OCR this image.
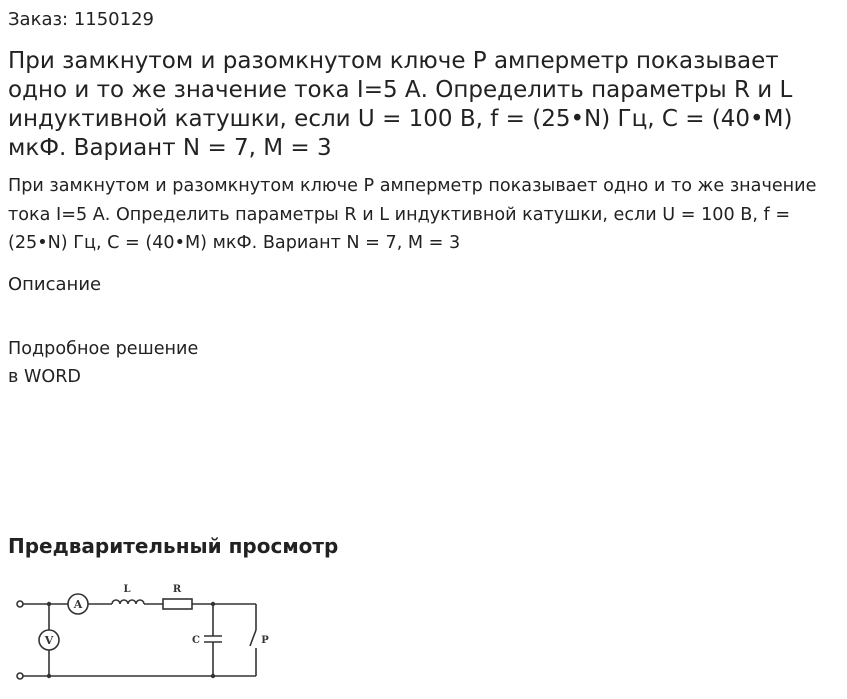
Заказ: 1150129
При замкнутом и разомкнутом ключе Р амперметр показывает одно и то же значение тока I=5 А. Определить параметры R и L индуктивной катушки, если U = 100 В, f = (25•N) Гц, С = (40•M) мкФ. Вариант N = 7, M = 3

При замкнутом и разомкнутом ключе Р амперметр показывает одно и то же значение тока I=5 А. Определить параметры R и L индуктивной катушки, если U = 100 В, f = (25•N) Гц, С = (40•M) мкФ. Вариант N = 7, M = 3

Описание
Подробное решение
в WORD
Предварительный просмотр
A
V
L	R
C	P
